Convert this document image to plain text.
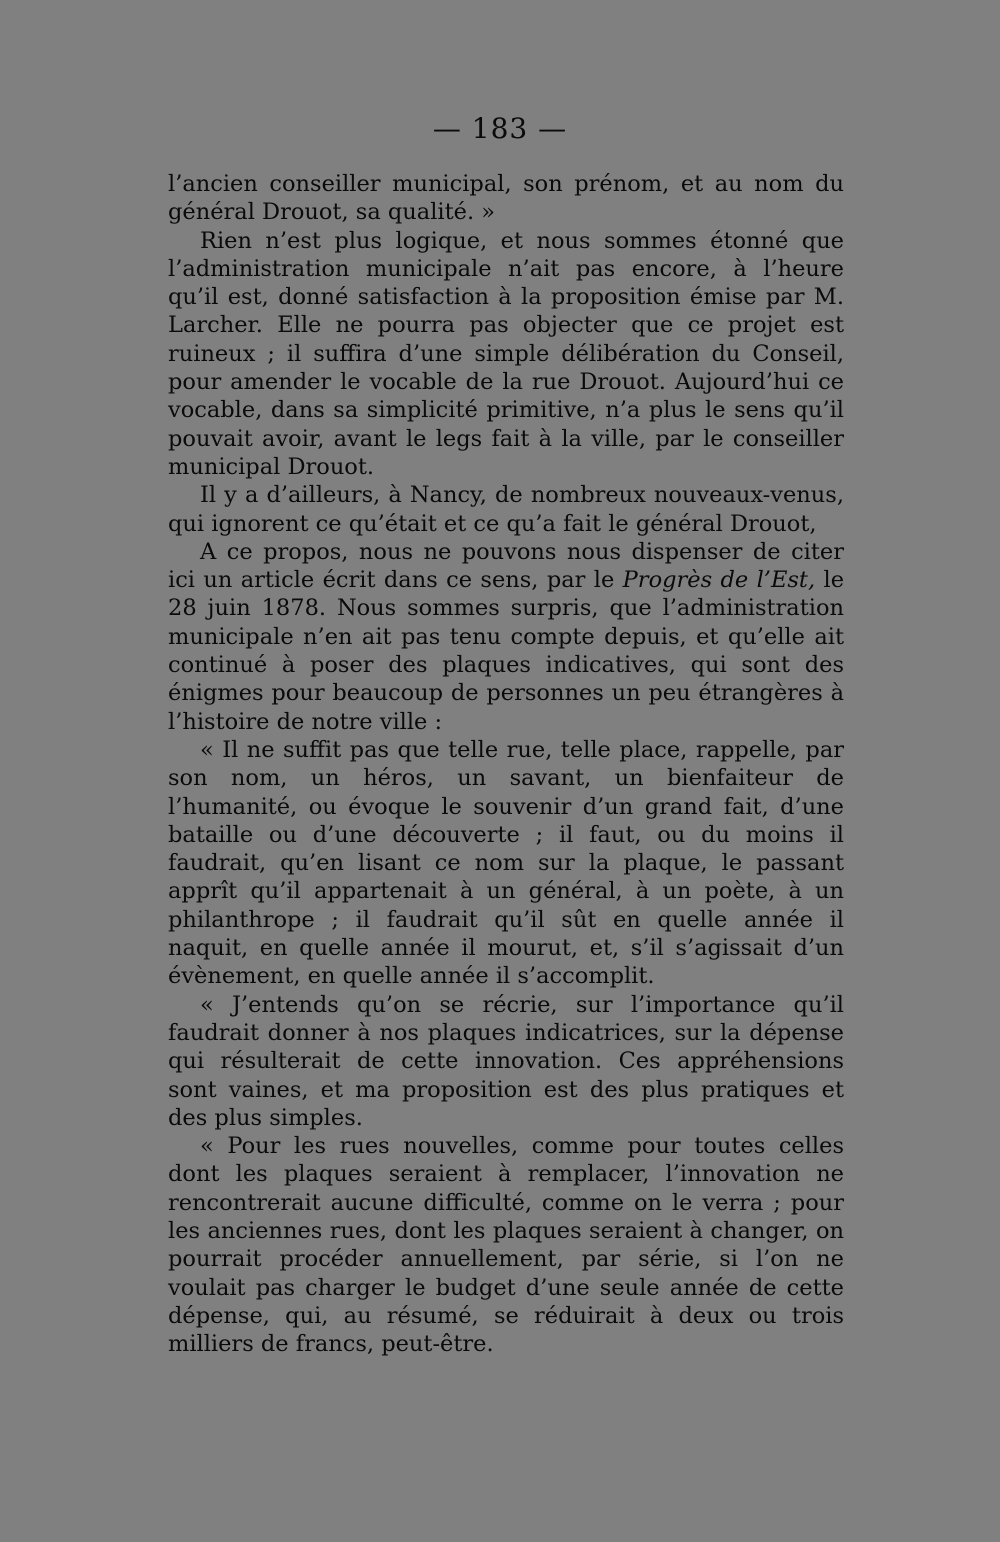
— 183 —

l’ancien conseiller municipal, son prénom, et au nom du général Drouot, sa qualité. »

Rien n’est plus logique, et nous sommes étonné que l’administration municipale n’ait pas encore, à l’heure qu’il est, donné satisfaction à la proposition émise par M. Larcher. Elle ne pourra pas objecter que ce projet est ruineux ; il suffira d’une simple délibération du Conseil, pour amender le vocable de la rue Drouot. Aujourd’hui ce vocable, dans sa simplicité primitive, n’a plus le sens qu’il pouvait avoir, avant le legs fait à la ville, par le conseiller municipal Drouot.

Il y a d’ailleurs, à Nancy, de nombreux nouveaux-venus, qui ignorent ce qu’était et ce qu’a fait le général Drouot,

A ce propos, nous ne pouvons nous dispenser de citer ici un article écrit dans ce sens, par le Progrès de l’Est, le 28 juin 1878. Nous sommes surpris, que l’administration municipale n’en ait pas tenu compte depuis, et qu’elle ait continué à poser des plaques indicatives, qui sont des énigmes pour beaucoup de personnes un peu étrangères à l’histoire de notre ville :

« Il ne suffit pas que telle rue, telle place, rappelle, par son nom, un héros, un savant, un bienfaiteur de l’humanité, ou évoque le souvenir d’un grand fait, d’une bataille ou d’une découverte ; il faut, ou du moins il faudrait, qu’en lisant ce nom sur la plaque, le passant apprît qu’il appartenait à un général, à un poète, à un philanthrope ; il faudrait qu’il sût en quelle année il naquit, en quelle année il mourut, et, s’il s’agissait d’un évènement, en quelle année il s’accomplit.

« J’entends qu’on se récrie, sur l’importance qu’il faudrait donner à nos plaques indicatrices, sur la dépense qui résulterait de cette innovation. Ces appréhensions sont vaines, et ma proposition est des plus pratiques et des plus simples.

« Pour les rues nouvelles, comme pour toutes celles dont les plaques seraient à remplacer, l’innovation ne rencontrerait aucune difficulté, comme on le verra ; pour les anciennes rues, dont les plaques seraient à changer, on pourrait procéder annuellement, par série, si l’on ne voulait pas charger le budget d’une seule année de cette dépense, qui, au résumé, se réduirait à deux ou trois milliers de francs, peut-être.
